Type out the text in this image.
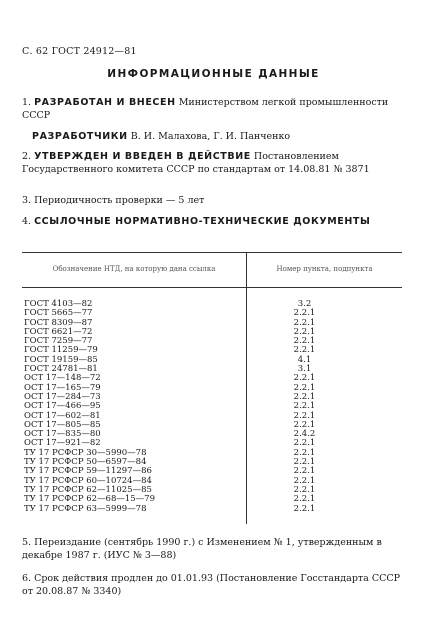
С. 62 ГОСТ 24912—81
ИНФОРМАЦИОННЫЕ ДАННЫЕ
1. РАЗРАБОТАН И ВНЕСЕН Министерством легкой промышленности СССР
РАЗРАБОТЧИКИ В. И. Малахова, Г. И. Панченко
2. УТВЕРЖДЕН И ВВЕДЕН В ДЕЙСТВИЕ Постановлением Государственного комитета СССР по стандартам от 14.08.81 № 3871
3. Периодичность проверки — 5 лет
4. ССЫЛОЧНЫЕ НОРМАТИВНО-ТЕХНИЧЕСКИЕ ДОКУМЕНТЫ
Обозначение НТД, на которую дана ссылка	Номер пункта, подпункта

ГОСТ 4103—82	3.2
ГОСТ 5665—77	2.2.1
ГОСТ 8309—87	2.2.1
ГОСТ 6621—72	2.2.1
ГОСТ 7259—77	2.2.1
ГОСТ 11259—79	2.2.1
ГОСТ 19159—85	4.1
ГОСТ 24781—81	3.1
ОСТ 17—148—72	2.2.1
ОСТ 17—165—79	2.2.1
ОСТ 17—284—73	2.2.1
ОСТ 17—466—95	2.2.1
ОСТ 17—602—81	2.2.1
ОСТ 17—805—85	2.2.1
ОСТ 17—835—80	2.4.2
ОСТ 17—921—82	2.2.1
ТУ 17 РСФСР 30—5990—78	2.2.1
ТУ 17 РСФСР 50—6597—84	2.2.1
ТУ 17 РСФСР 59—11297—86	2.2.1
ТУ 17 РСФСР 60—10724—84	2.2.1
ТУ 17 РСФСР 62—11025—85	2.2.1
ТУ 17 РСФСР 62—68—15—79	2.2.1
ТУ 17 РСФСР 63—5999—78	2.2.1

5. Переиздание (сентябрь 1990 г.) с Изменением № 1, утвержденным в декабре 1987 г. (ИУС № 3—88)
6. Срок действия продлен до 01.01.93 (Постановление Госстандарта СССР от 20.08.87 № 3340)
